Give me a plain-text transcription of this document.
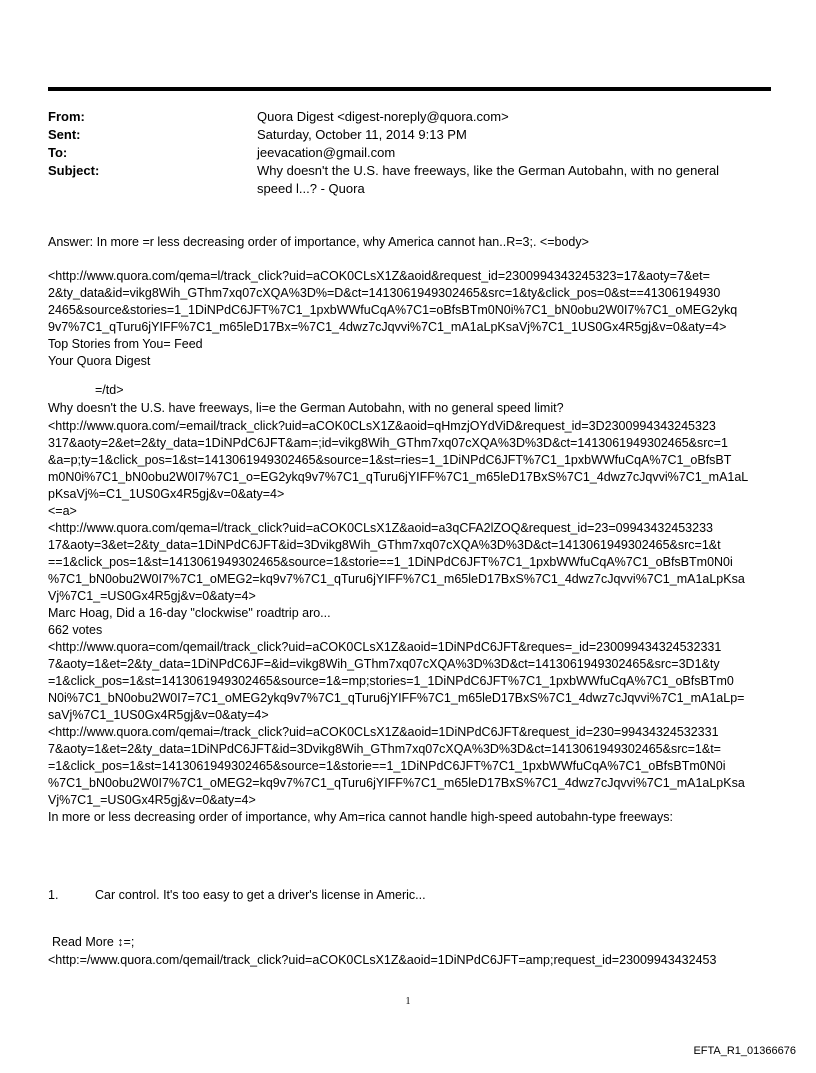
From:	Quora Digest <digest-noreply@quora.com>
Sent:	Saturday, October 11, 2014 9:13 PM
To:	jeevacation@gmail.com
Subject:	Why doesn't the U.S. have freeways, like the German Autobahn, with no general
speed l...? - Quora
Answer: In more =r less decreasing order of importance, why America cannot han..R=3;. <=body>
<http://www.quora.com/qema=l/track_click?uid=aCOK0CLsX1Z&aoid&request_id=2300994343245323=17&aoty=7&et=
2&ty_data&id=vikg8Wih_GThm7xq07cXQA%3D%=D&ct=1413061949302465&src=1&ty&click_pos=0&st==41306194930
2465&source&stories=1_1DiNPdC6JFT%7C1_1pxbWWfuCqA%7C1=oBfsBTm0N0i%7C1_bN0obu2W0I7%7C1_oMEG2ykq
9v7%7C1_qTuru6jYIFF%7C1_m65leD17Bx=%7C1_4dwz7cJqvvi%7C1_mA1aLpKsaVj%7C1_1US0Gx4R5gj&v=0&aty=4>
Top Stories from You= Feed
Your Quora Digest
=/td>
Why doesn't the U.S. have freeways, li=e the German Autobahn, with no general speed limit?
<http://www.quora.com/=email/track_click?uid=aCOK0CLsX1Z&aoid=qHmzjOYdViD&request_id=3D2300994343245323
317&aoty=2&et=2&ty_data=1DiNPdC6JFT&am=;id=vikg8Wih_GThm7xq07cXQA%3D%3D&ct=1413061949302465&src=1
&a=p;ty=1&click_pos=1&st=1413061949302465&source=1&st=ries=1_1DiNPdC6JFT%7C1_1pxbWWfuCqA%7C1_oBfsBT
m0N0i%7C1_bN0obu2W0I7%7C1_o=EG2ykq9v7%7C1_qTuru6jYIFF%7C1_m65leD17BxS%7C1_4dwz7cJqvvi%7C1_mA1aL
pKsaVj%=C1_1US0Gx4R5gj&v=0&aty=4>
<=a>
<http://www.quora.com/qema=l/track_click?uid=aCOK0CLsX1Z&aoid=a3qCFA2lZOQ&request_id=23=09943432453233
17&aoty=3&et=2&ty_data=1DiNPdC6JFT&id=3Dvikg8Wih_GThm7xq07cXQA%3D%3D&ct=1413061949302465&src=1&t
==1&click_pos=1&st=1413061949302465&source=1&storie==1_1DiNPdC6JFT%7C1_1pxbWWfuCqA%7C1_oBfsBTm0N0i
%7C1_bN0obu2W0I7%7C1_oMEG2=kq9v7%7C1_qTuru6jYIFF%7C1_m65leD17BxS%7C1_4dwz7cJqvvi%7C1_mA1aLpKsa
Vj%7C1_=US0Gx4R5gj&v=0&aty=4>
Marc Hoag, Did a 16-day "clockwise" roadtrip aro...
662 votes
<http://www.quora=com/qemail/track_click?uid=aCOK0CLsX1Z&aoid=1DiNPdC6JFT&reques=_id=230099434324532331
7&aoty=1&et=2&ty_data=1DiNPdC6JF=&id=vikg8Wih_GThm7xq07cXQA%3D%3D&ct=1413061949302465&src=3D1&ty
=1&click_pos=1&st=1413061949302465&source=1&=mp;stories=1_1DiNPdC6JFT%7C1_1pxbWWfuCqA%7C1_oBfsBTm0
N0i%7C1_bN0obu2W0I7=7C1_oMEG2ykq9v7%7C1_qTuru6jYIFF%7C1_m65leD17BxS%7C1_4dwz7cJqvvi%7C1_mA1aLp=
saVj%7C1_1US0Gx4R5gj&v=0&aty=4>
<http://www.quora.com/qemai=/track_click?uid=aCOK0CLsX1Z&aoid=1DiNPdC6JFT&request_id=230=99434324532331
7&aoty=1&et=2&ty_data=1DiNPdC6JFT&id=3Dvikg8Wih_GThm7xq07cXQA%3D%3D&ct=1413061949302465&src=1&t=
=1&click_pos=1&st=1413061949302465&source=1&storie==1_1DiNPdC6JFT%7C1_1pxbWWfuCqA%7C1_oBfsBTm0N0i
%7C1_bN0obu2W0I7%7C1_oMEG2=kq9v7%7C1_qTuru6jYIFF%7C1_m65leD17BxS%7C1_4dwz7cJqvvi%7C1_mA1aLpKsa
Vj%7C1_=US0Gx4R5gj&v=0&aty=4>
In more or less decreasing order of importance, why Am=rica cannot handle high-speed autobahn-type freeways:
1.	Car control. It's too easy to get a driver's license in Americ...
Read More ↕=;
<http:=/www.quora.com/qemail/track_click?uid=aCOK0CLsX1Z&aoid=1DiNPdC6JFT=amp;request_id=23009943432453
1
EFTA_R1_01366676
